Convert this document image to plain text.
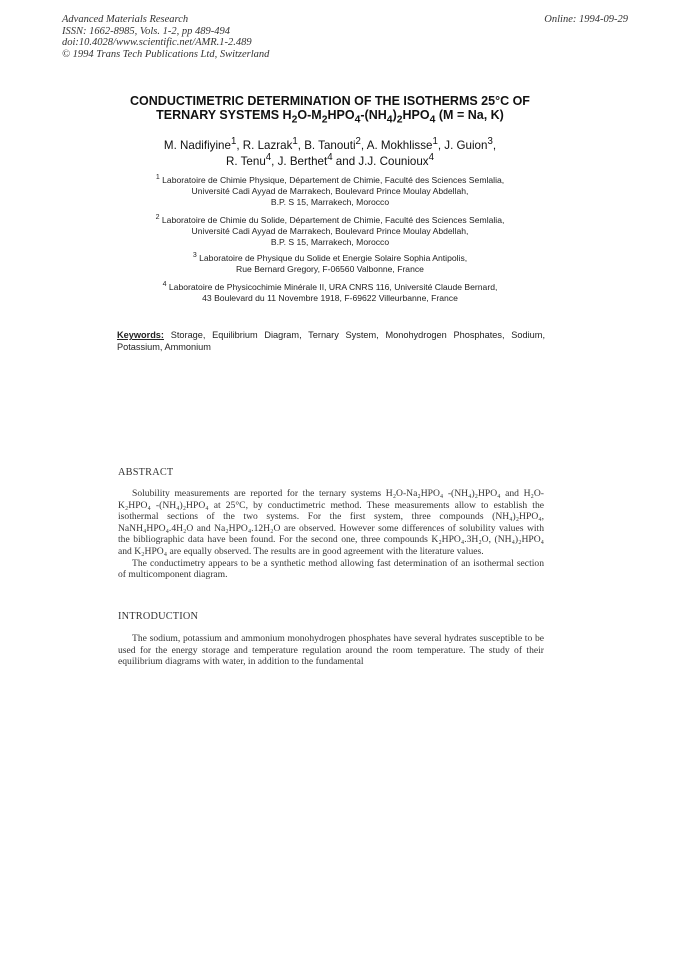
Advanced Materials Research
ISSN: 1662-8985, Vols. 1-2, pp 489-494
doi:10.4028/www.scientific.net/AMR.1-2.489
© 1994 Trans Tech Publications Ltd, Switzerland
Online: 1994-09-29
CONDUCTIMETRIC DETERMINATION OF THE ISOTHERMS 25°C OF
TERNARY SYSTEMS $H_2O-M_2HPO_4-(NH_4)_2HPO_4$ (M = Na, K)
M. Nadifiyine$^1$, R. Lazrak$^1$, B. Tanouti$^2$, A. Mokhlisse$^1$, J. Guion$^3$,
R. Tenu$^4$, J. Berthet$^4$ and J.J. Counioux$^4$
$^1$ Laboratoire de Chimie Physique, Département de Chimie, Faculté des Sciences Semlalia,
Université Cadi Ayyad de Marrakech, Boulevard Prince Moulay Abdellah,
B.P. S 15, Marrakech, Morocco
$^2$ Laboratoire de Chimie du Solide, Département de Chimie, Faculté des Sciences Semlalia,
Université Cadi Ayyad de Marrakech, Boulevard Prince Moulay Abdellah,
B.P. S 15, Marrakech, Morocco
$^3$ Laboratoire de Physique du Solide et Energie Solaire Sophia Antipolis,
Rue Bernard Gregory, F-06560 Valbonne, France
$^4$ Laboratoire de Physicochimie Minérale II, URA CNRS 116, Université Claude Bernard,
43 Boulevard du 11 Novembre 1918, F-69622 Villeurbanne, France
Keywords: Storage, Equilibrium Diagram, Ternary System, Monohydrogen Phosphates, Sodium, Potassium, Ammonium
ABSTRACT

Solubility measurements are reported for the ternary systems H₂O-Na₂HPO₄ -(NH₄)₂HPO₄ and H₂O-K₂HPO₄ -(NH₄)₂HPO₄ at 25°C, by conductimetric method. These measurements allow to establish the isothermal sections of the two systems. For the first system, three compounds (NH₄)₂HPO₄, NaNH₄HPO₄.4H₂O and Na₂HPO₄.12H₂O are observed. However some differences of solubility values with the bibliographic data have been found. For the second one, three compounds K₂HPO₄.3H₂O, (NH₄)₂HPO₄ and K₂HPO₄ are equally observed. The results are in good agreement with the literature values.

The conductimetry appears to be a synthetic method allowing fast determination of an isothermal section of multicomponent diagram.

INTRODUCTION

The sodium, potassium and ammonium monohydrogen phosphates have several hydrates susceptible to be used for the energy storage and temperature regulation around the room temperature. The study of their equilibrium diagrams with water, in addition to the fundamental
